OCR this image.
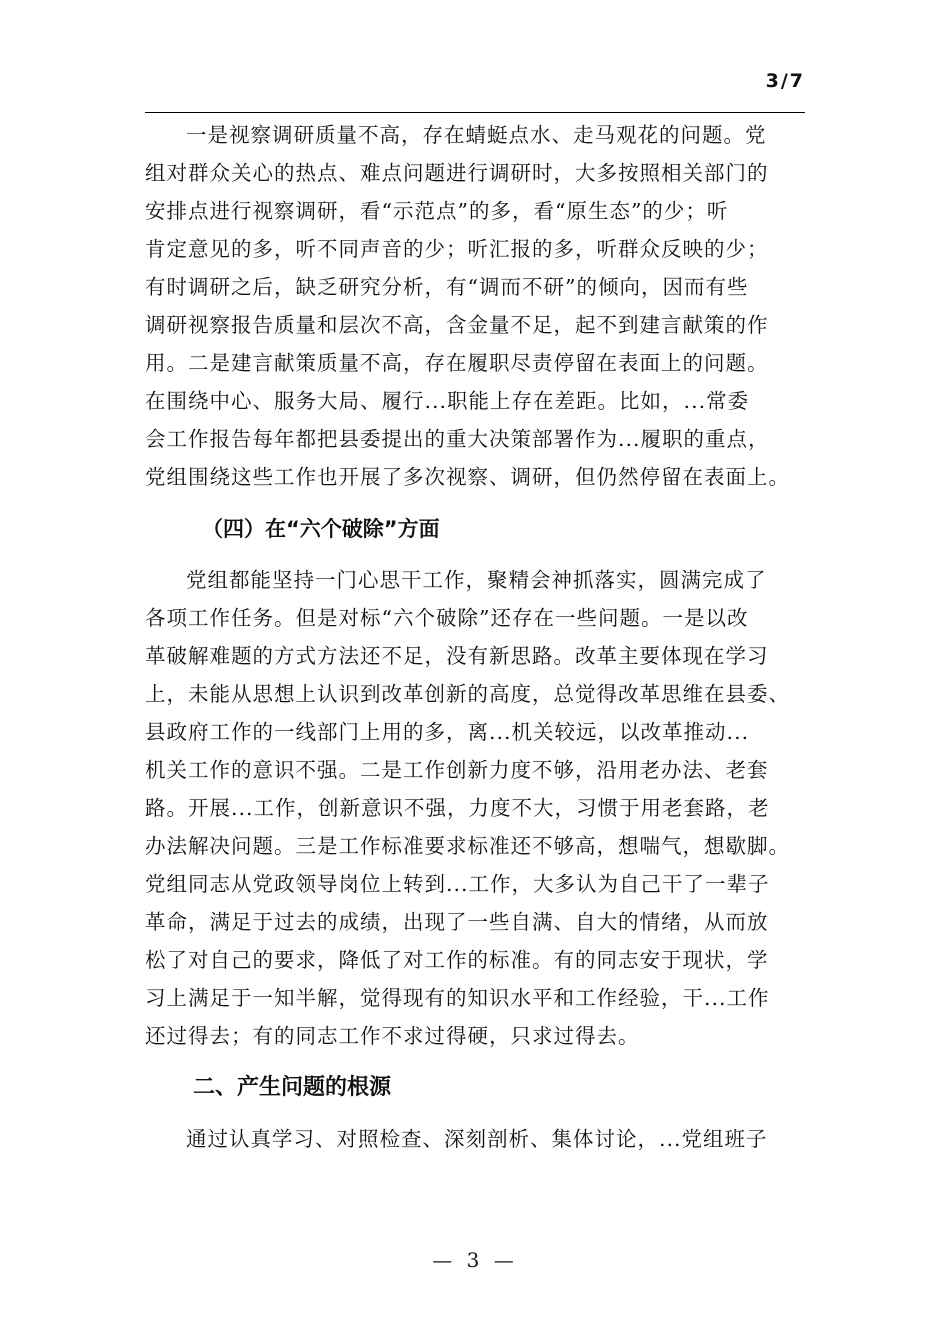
3/7

一是视察调研质量不高，存在蜻蜓点水、走马观花的问题。党
组对群众关心的热点、难点问题进行调研时，大多按照相关部门的
安排点进行视察调研，看“示范点”的多，看“原生态”的少；听
肯定意见的多，听不同声音的少；听汇报的多，听群众反映的少；
有时调研之后，缺乏研究分析，有“调而不研”的倾向，因而有些
调研视察报告质量和层次不高，含金量不足，起不到建言献策的作
用。二是建言献策质量不高，存在履职尽责停留在表面上的问题。
在围绕中心、服务大局、履行...职能上存在差距。比如，...常委
会工作报告每年都把县委提出的重大决策部署作为...履职的重点，
党组围绕这些工作也开展了多次视察、调研，但仍然停留在表面上。

（四）在“六个破除”方面

党组都能坚持一门心思干工作，聚精会神抓落实，圆满完成了
各项工作任务。但是对标“六个破除”还存在一些问题。一是以改
革破解难题的方式方法还不足，没有新思路。改革主要体现在学习
上，未能从思想上认识到改革创新的高度，总觉得改革思维在县委、
县政府工作的一线部门上用的多，离...机关较远，以改革推动...
机关工作的意识不强。二是工作创新力度不够，沿用老办法、老套
路。开展...工作，创新意识不强，力度不大，习惯于用老套路，老
办法解决问题。三是工作标准要求标准还不够高，想喘气，想歇脚。
党组同志从党政领导岗位上转到...工作，大多认为自己干了一辈子
革命，满足于过去的成绩，出现了一些自满、自大的情绪，从而放
松了对自己的要求，降低了对工作的标准。有的同志安于现状，学
习上满足于一知半解，觉得现有的知识水平和工作经验，干...工作
还过得去；有的同志工作不求过得硬，只求过得去。

二、产生问题的根源

通过认真学习、对照检查、深刻剖析、集体讨论，...党组班子

— 3 —
